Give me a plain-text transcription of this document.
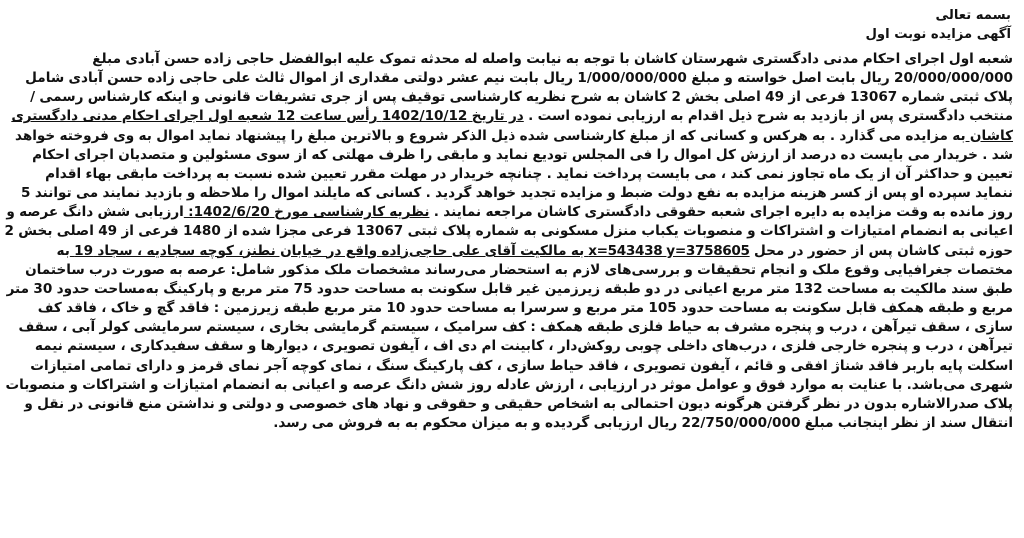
بسمه تعالی
آگهی مزایده نوبت اول
شعبه اول اجرای احکام مدنی دادگستری شهرستان کاشان با توجه به نیابت واصله له محدثه تموک علیه ابوالفضل حاجی زاده حسن آبادی مبلغ 20/000/000/000 ریال بابت اصل خواسته و مبلغ 1/000/000/000 ریال بابت نیم عشر دولتی مقداری از اموال ثالث علی حاجی زاده حسن آبادی شامل پلاک ثبتی شماره 13067 فرعی از 49 اصلی بخش 2 کاشان به شرح نظریه کارشناسی توقیف پس از جری تشریفات قانونی و اینکه کارشناس رسمی / منتخب دادگستری پس از بازدید به شرح ذیل اقدام به ارزیابی نموده است . در تاریخ 1402/10/12 رأس ساعت 12 شعبه اول اجرای احکام مدنی دادگستری کاشان به مزایده می گذارد . به هرکس و کسانی که از مبلغ کارشناسی شده ذیل الذکر شروع و بالاترین مبلغ را پیشنهاد نماید اموال به وی فروخته خواهد شد . خریدار می بایست ده درصد از ارزش کل اموال را فی المجلس تودیع نماید و مابقی را ظرف مهلتی که از سوی مسئولین و متصدیان اجرای احکام تعیین و حداکثر آن از یک ماه تجاوز نمی کند ، می بایست پرداخت نماید . چنانچه خریدار در مهلت مقرر تعیین شده نسبت به پرداخت مابقی بهاء اقدام ننماید سپرده او پس از کسر هزینه مزایده به نفع دولت ضبط و مزایده تجدید خواهد گردید . کسانی که مایلند اموال را ملاحظه و بازدید نمایند می توانند 5 روز مانده به وقت مزایده به دایره اجرای شعبه حقوقی دادگستری کاشان مراجعه نمایند . نظریه کارشناسی مورخ 1402/6/20: ارزیابی شش دانگ عرصه و اعیانی به انضمام امتیازات و اشتراکات و منصوبات یکباب منزل مسکونی به شماره پلاک ثبتی 13067 فرعی مجزا شده از 1480 فرعی از 49 اصلی بخش 2 حوزه ثبتی کاشان پس از حضور در محل x=543438 y=3758605 به مالکیت آقای علی حاجی‌زاده واقع در خیابان نطنز، کوچه سجادیه ، سجاد 19 به مختصات جغرافیایی وقوع ملک و انجام تحقیقات و بررسی‌های لازم به استحضار می‌رساند مشخصات ملک مذکور شامل: عرصه به صورت درب ساختمان طبق سند مالکیت به مساحت 132 متر مربع اعیانی در دو طبقه زیرزمین غیر قابل سکونت به مساحت حدود 75 متر مربع و پارکینگ به‌مساحت حدود 30 متر مربع و طبقه همکف قابل سکونت به مساحت حدود 105 متر مربع و سرسرا به مساحت حدود 10 متر مربع طبقه زیرزمین : فاقد گچ و خاک ، فاقد کف سازی ، سقف تیرآهن ، درب و پنجره مشرف به حیاط فلزی طبقه همکف : کف سرامیک ، سیستم گرمایشی بخاری ، سیستم سرمایشی کولر آبی ، سقف تیرآهن ، درب و پنجره خارجی فلزی ، درب‌های داخلی چوبی روکش‌دار ، کابینت ام دی اف ، آیفون تصویری ، دیوارها و سقف سفیدکاری ، سیستم نیمه اسکلت پایه باربر فاقد شناژ افقی و قائم ، آیفون تصویری ، فاقد حیاط سازی ، کف پارکینگ سنگ ، نمای کوچه آجر نمای قرمز و دارای تمامی امتیازات شهری می‌باشد. با عنایت به موارد فوق و عوامل موثر در ارزیابی ، ارزش عادله روز شش دانگ عرصه و اعیانی به انضمام امتیازات و اشتراکات و منصوبات پلاک صدرالاشاره بدون در نظر گرفتن هرگونه دیون احتمالی به اشخاص حقیقی و حقوقی و نهاد های خصوصی و دولتی و نداشتن منع قانونی در نقل و انتقال سند از نظر اینجانب مبلغ 22/750/000/000 ریال ارزیابی گردیده و به میزان محکوم به به فروش می رسد.
